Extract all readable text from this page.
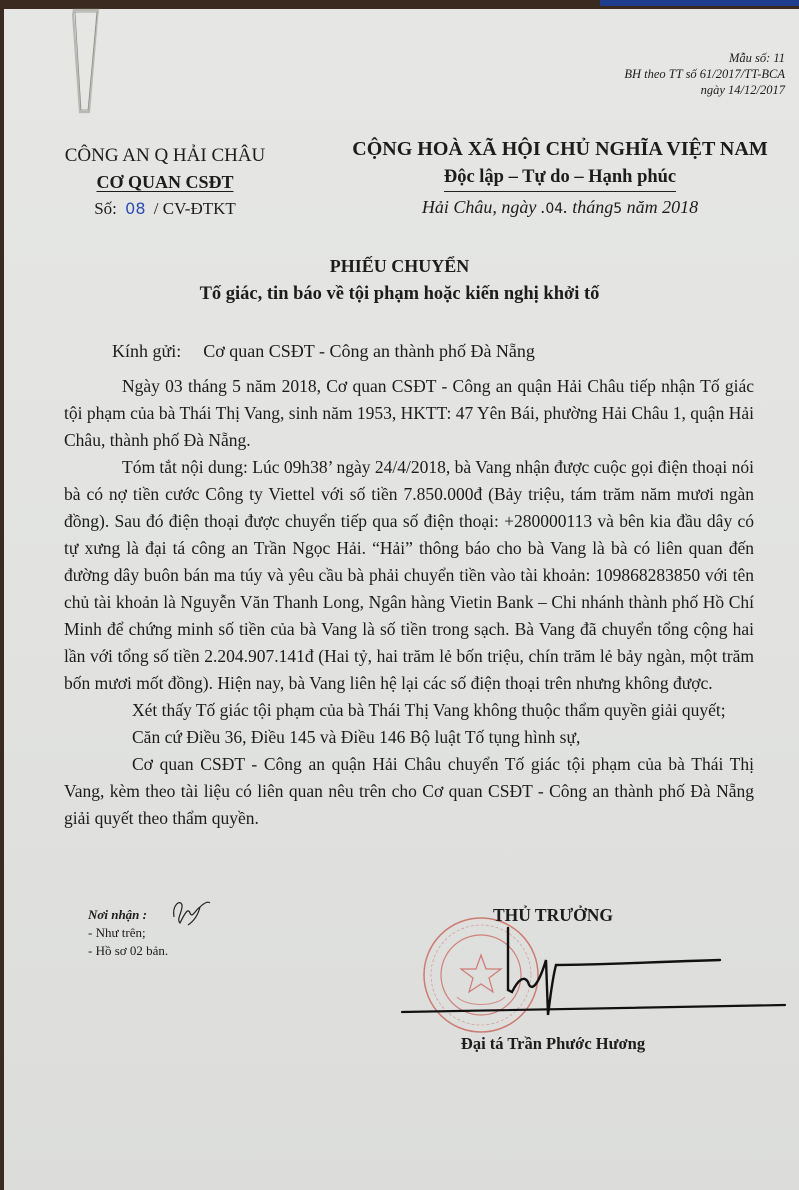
Mẫu số: 11
BH theo TT số 61/2017/TT-BCA
ngày 14/12/2017
CÔNG AN Q HẢI CHÂU
CƠ QUAN CSĐT
Số: 08 / CV-ĐTKT
CỘNG HOÀ XÃ HỘI CHỦ NGHĨA VIỆT NAM
Độc lập – Tự do – Hạnh phúc
Hải Châu, ngày .04. tháng5 năm 2018
PHIẾU CHUYỂN
Tố giác, tin báo về tội phạm hoặc kiến nghị khởi tố
Kính gửi: Cơ quan CSĐT - Công an thành phố Đà Nẵng

Ngày 03 tháng 5 năm 2018, Cơ quan CSĐT - Công an quận Hải Châu tiếp nhận Tố giác tội phạm của bà Thái Thị Vang, sinh năm 1953, HKTT: 47 Yên Bái, phường Hải Châu 1, quận Hải Châu, thành phố Đà Nẵng.

Tóm tắt nội dung: Lúc 09h38’ ngày 24/4/2018, bà Vang nhận được cuộc gọi điện thoại nói bà có nợ tiền cước Công ty Viettel với số tiền 7.850.000đ (Bảy triệu, tám trăm năm mươi ngàn đồng). Sau đó điện thoại được chuyển tiếp qua số điện thoại: +280000113 và bên kia đầu dây có tự xưng là đại tá công an Trần Ngọc Hải. “Hải” thông báo cho bà Vang là bà có liên quan đến đường dây buôn bán ma túy và yêu cầu bà phải chuyển tiền vào tài khoản: 109868283850 với tên chủ tài khoản là Nguyễn Văn Thanh Long, Ngân hàng Vietin Bank – Chi nhánh thành phố Hồ Chí Minh để chứng minh số tiền của bà Vang là số tiền trong sạch. Bà Vang đã chuyển tổng cộng hai lần với tổng số tiền 2.204.907.141đ (Hai tỷ, hai trăm lẻ bốn triệu, chín trăm lẻ bảy ngàn, một trăm bốn mươi mốt đồng). Hiện nay, bà Vang liên hệ lại các số điện thoại trên nhưng không được.

Xét thấy Tố giác tội phạm của bà Thái Thị Vang không thuộc thẩm quyền giải quyết;

Căn cứ Điều 36, Điều 145 và Điều 146 Bộ luật Tố tụng hình sự,

Cơ quan CSĐT - Công an quận Hải Châu chuyển Tố giác tội phạm của bà Thái Thị Vang, kèm theo tài liệu có liên quan nêu trên cho Cơ quan CSĐT - Công an thành phố Đà Nẵng giải quyết theo thẩm quyền.

Nơi nhận :
- Như trên;
- Hồ sơ 02 bản.
THỦ TRƯỞNG
Đại tá Trần Phước Hương
